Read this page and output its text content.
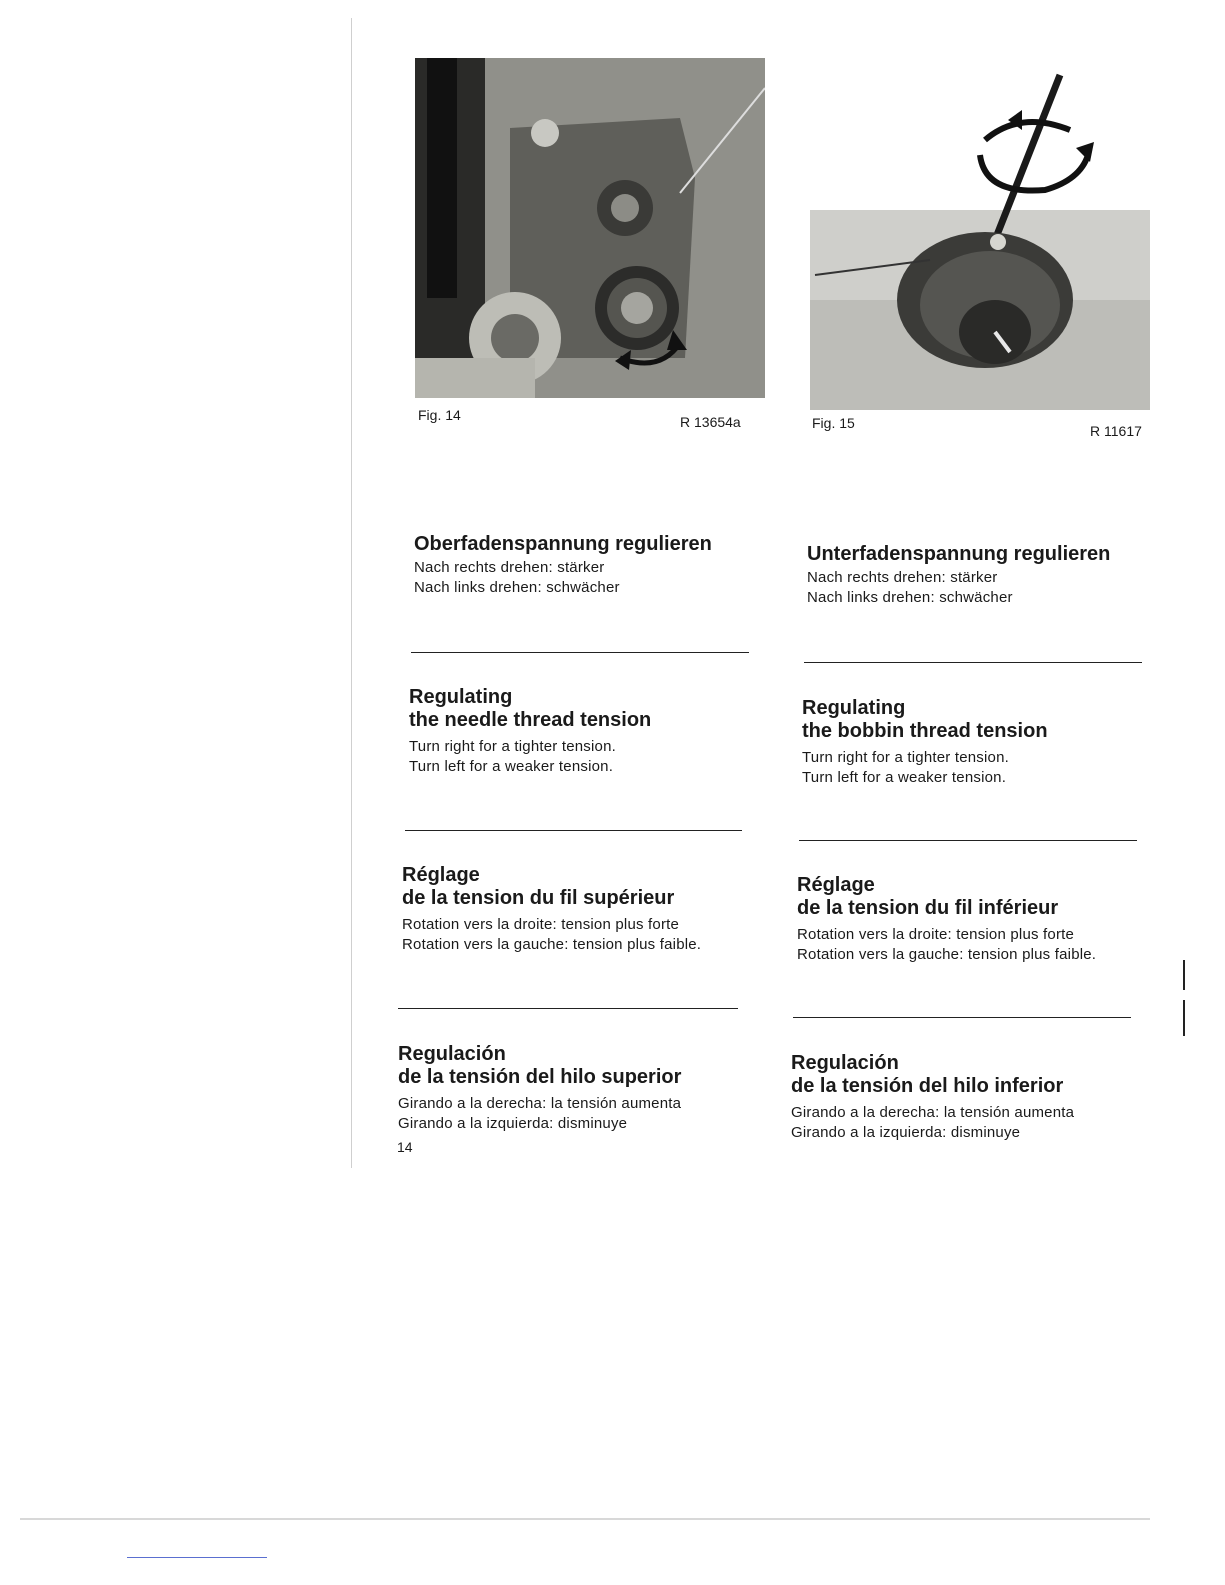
Fig. 14	R 13654a	Fig. 15	R 11617
Oberfadenspannung regulieren
Nach rechts drehen: stärker
Nach links drehen: schwächer
Regulating
the needle thread tension
Turn right for a tighter tension.
Turn left for a weaker tension.
Réglage
de la tension du fil supérieur
Rotation vers la droite: tension plus forte
Rotation vers la gauche: tension plus faible.
Regulación
de la tensión del hilo superior
Girando a la derecha: la tensión aumenta
Girando a la izquierda: disminuye
14
Unterfadenspannung regulieren
Nach rechts drehen: stärker
Nach links drehen: schwächer
Regulating
the bobbin thread tension
Turn right for a tighter tension.
Turn left for a weaker tension.
Réglage
de la tension du fil inférieur
Rotation vers la droite: tension plus forte
Rotation vers la gauche: tension plus faible.
Regulación
de la tensión del hilo inferior
Girando a la derecha: la tensión aumenta
Girando a la izquierda: disminuye
